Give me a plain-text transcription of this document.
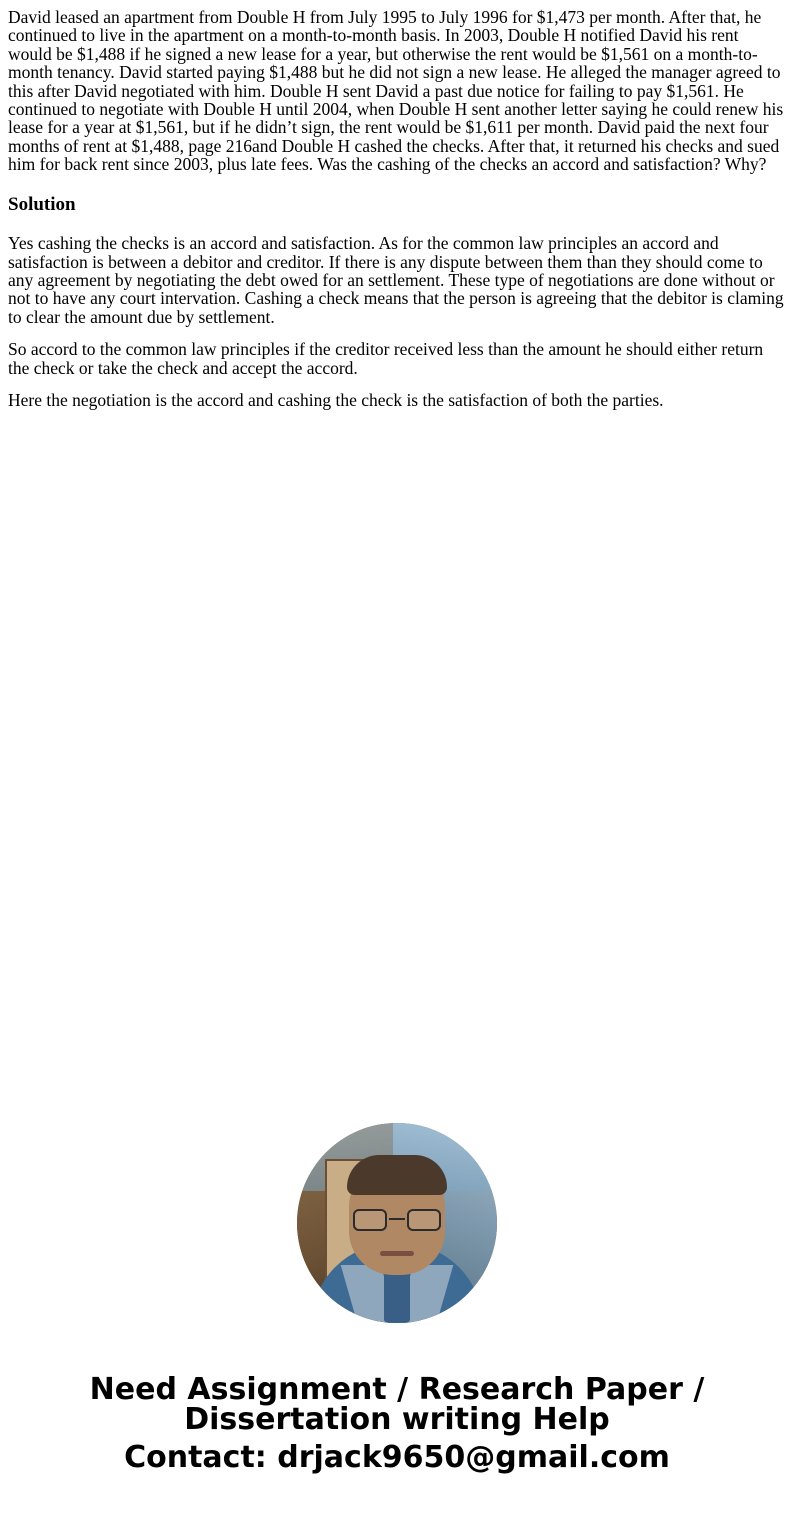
David leased an apartment from Double H from July 1995 to July 1996 for $1,473 per month. After that, he continued to live in the apartment on a month-to-month basis. In 2003, Double H notified David his rent would be $1,488 if he signed a new lease for a year, but otherwise the rent would be $1,561 on a month-to-month tenancy. David started paying $1,488 but he did not sign a new lease. He alleged the manager agreed to this after David negotiated with him. Double H sent David a past due notice for failing to pay $1,561. He continued to negotiate with Double H until 2004, when Double H sent another letter saying he could renew his lease for a year at $1,561, but if he didn’t sign, the rent would be $1,611 per month. David paid the next four months of rent at $1,488, page 216and Double H cashed the checks. After that, it returned his checks and sued him for back rent since 2003, plus late fees. Was the cashing of the checks an accord and satisfaction? Why?

Solution

Yes cashing the checks is an accord and satisfaction. As for the common law principles an accord and satisfaction is between a debitor and creditor. If there is any dispute between them than they should come to any agreement by negotiating the debt owed for an settlement. These type of negotiations are done without or not to have any court intervation. Cashing a check means that the person is agreeing that the debitor is claming to clear the amount due by settlement.

So accord to the common law principles if the creditor received less than the amount he should either return the check or take the check and accept the accord.

Here the negotiation is the accord and cashing the check is the satisfaction of both the parties.

Need Assignment / Research Paper / Dissertation writing Help
Contact: drjack9650@gmail.com
